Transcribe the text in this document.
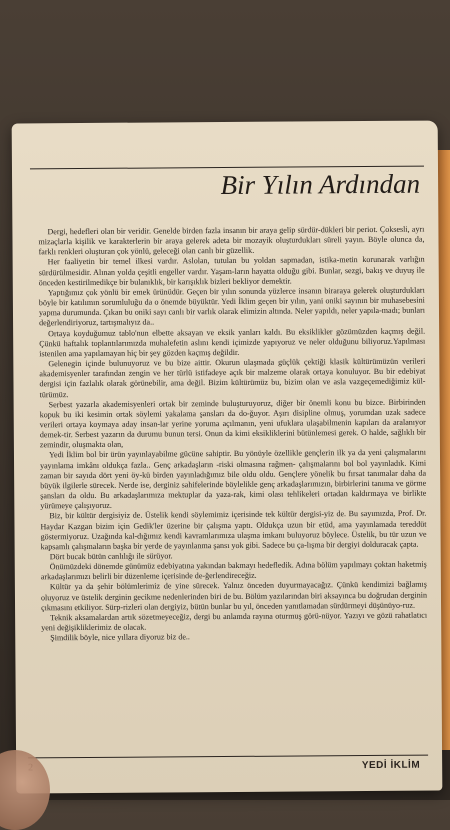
Bir Yılın Ardından

Dergi, hedefleri olan bir veridir. Genelde birden fazla insanın bir araya gelip sürdür-dükleri bir periot. Çoksesli, ayrı mizaçlarla kişilik ve karakterlerin bir araya gelerek adeta bir mozayik oluşturdukları süreli yayın. Böyle olunca da, farklı renkleri oluşturan çok yönlü, geleceği olan canlı bir güzellik.

Her faaliyetin bir temel ilkesi vardır. Aslolan, tutulan bu yoldan sapmadan, istika-metin korunarak varlığın sürdürülmesidir. Alınan yolda çeşitli engeller vardır. Yaşam-ların hayatta olduğu gibi. Bunlar, sezgi, bakış ve duyuş ile önceden kestirilmedikçe bir bulanıklık, bir karışıklık bizleri bekliyor demektir.

Yaptığımız çok yönlü bir emek ürünüdür. Geçen bir yılın sonunda yüzlerce insanın biraraya gelerek oluşturdukları böyle bir katılımın sorumluluğu da o önemde büyüktür. Yedi İklim geçen bir yılın, yani oniki sayının bir muhasebesini yapma durumunda. Çıkan bu oniki sayı canlı bir varlık olarak elimizin altında. Neler yapıldı, neler yapıla-madı; bunları değerlendiriyoruz, tartışmalıyız da..

Ortaya koyduğumuz tablo'nun elbette aksayan ve eksik yanları kaldı. Bu eksiklikler gözümüzden kaçmış değil. Çünkü haftalık toplantılarımızda muhalefetin aslını kendi içimizde yapıyoruz ve neler olduğunu biliyoruz.Yapılması istenilen ama yapılamayan hiç bir şey gözden kaçmış değildir.

Gelenegin içinde bulunuyoruz ve bu bize aittir. Okurun ulaşmada güçlük çektiği klasik kültürümüzün verileri akademisyenler tarafından zengin ve her türlü istifadeye açık bir malzeme olarak ortaya konuluyor. Bu bir edebiyat dergisi için fazlalık olarak görünebilir, ama değil. Bizim kültürümüz bu, bizim olan ve asla vazgeçemediğimiz kül-türümüz.

Serbest yazarla akademisyenleri ortak bir zeminde buluşturuyoruz, diğer bir önemli konu bu bizce. Birbirinden kopuk bu iki kesimin ortak söylemi yakalama şansları da do-ğuyor. Aşırı disipline olmuş, yorumdan uzak sadece verileri ortaya koymaya aday insan-lar yerine yoruma açılmanın, yeni ufuklara ulaşabilmenin kapıları da aralanıyor demek-tir. Serbest yazarın da durumu bunun tersi. Onun da kimi eksikliklerini bütünlemesi gerek. O halde, sağlıklı bir zemindir, oluşmakta olan,

Yedi İklim bol bir ürün yayınlayabilme gücüne sahiptir. Bu yönüyle özellikle gençlerin ilk ya da yeni çalışmalarını yayınlama imkânı oldukça fazla.. Genç arkadaşların -riski olmasına rağmen- çalışmalarını bol bol yayınladık. Kimi zaman bir sayıda dört yeni öy-kü birden yayınladığımız bile oldu oldu. Gençlere yönelik bu fırsat tanımalar daha da büyük ilgilerle sürecek. Nerde ise, derginiz sahifelerinde böylelikle genç arkadaşlarımızın, birbirlerini tanıma ve görme şansları da oldu. Bu arkadaşlarımıza mektuplar da yaza-rak, kimi olası tehlikeleri ortadan kaldırmaya ve birlikte yürümeye çalışıyoruz.

Biz, bir kültür dergisiyiz de. Üstelik kendi söylemimiz içerisinde tek kültür dergisi-yiz de. Bu sayımızda, Prof. Dr. Haydar Kazgan bizim için Gedik'ler üzerine bir çalışma yaptı. Oldukça uzun bir etüd, ama yayınlamada tereddüt göstermiyoruz. Uzağında kal-dığımız kendi kavramlarımıza ulaşma imkanı buluyoruz böylece. Üstelik, bu tür uzun ve kapsamlı çalışmaların başka bir yerde de yayınlanma şansı yok gibi. Sadece bu ça-lışma bir dergiyi dolduracak çapta.

Dört bucak bütün canlılığı ile sürüyor.

Önümüzdeki dönemde günümüz edebiyatına yakından bakmayı hedefledik. Adına bölüm yapılmayı çoktan haketmiş arkadaşlarımızı belirli bir düzenleme içerisinde de-ğerlendireceğiz.

Kültür ya da şehir bölümlerimiz de yine sürecek. Yalnız önceden duyurmayacağız. Çünkü kendimizi bağlamış oluyoruz ve üstelik derginin gecikme nedenlerinden biri de bu. Bölüm yazılarından biri aksayınca bu doğrudan derginin çıkmasını etkiliyor. Sürp-rizleri olan dergiyiz, bütün bunlar bu yıl, önceden yanıtlamadan sürdürmeyi düşünüyo-ruz.

Teknik aksamalardan artık sözetmeyeceğiz, dergi bu anlamda rayına oturmuş görü-nüyor. Yazıyı ve gözü rahatlatıcı yeni değişikliklerimiz de olacak.

Şimdilik böyle, nice yıllara diyoruz biz de..

YEDİ İKLİM
